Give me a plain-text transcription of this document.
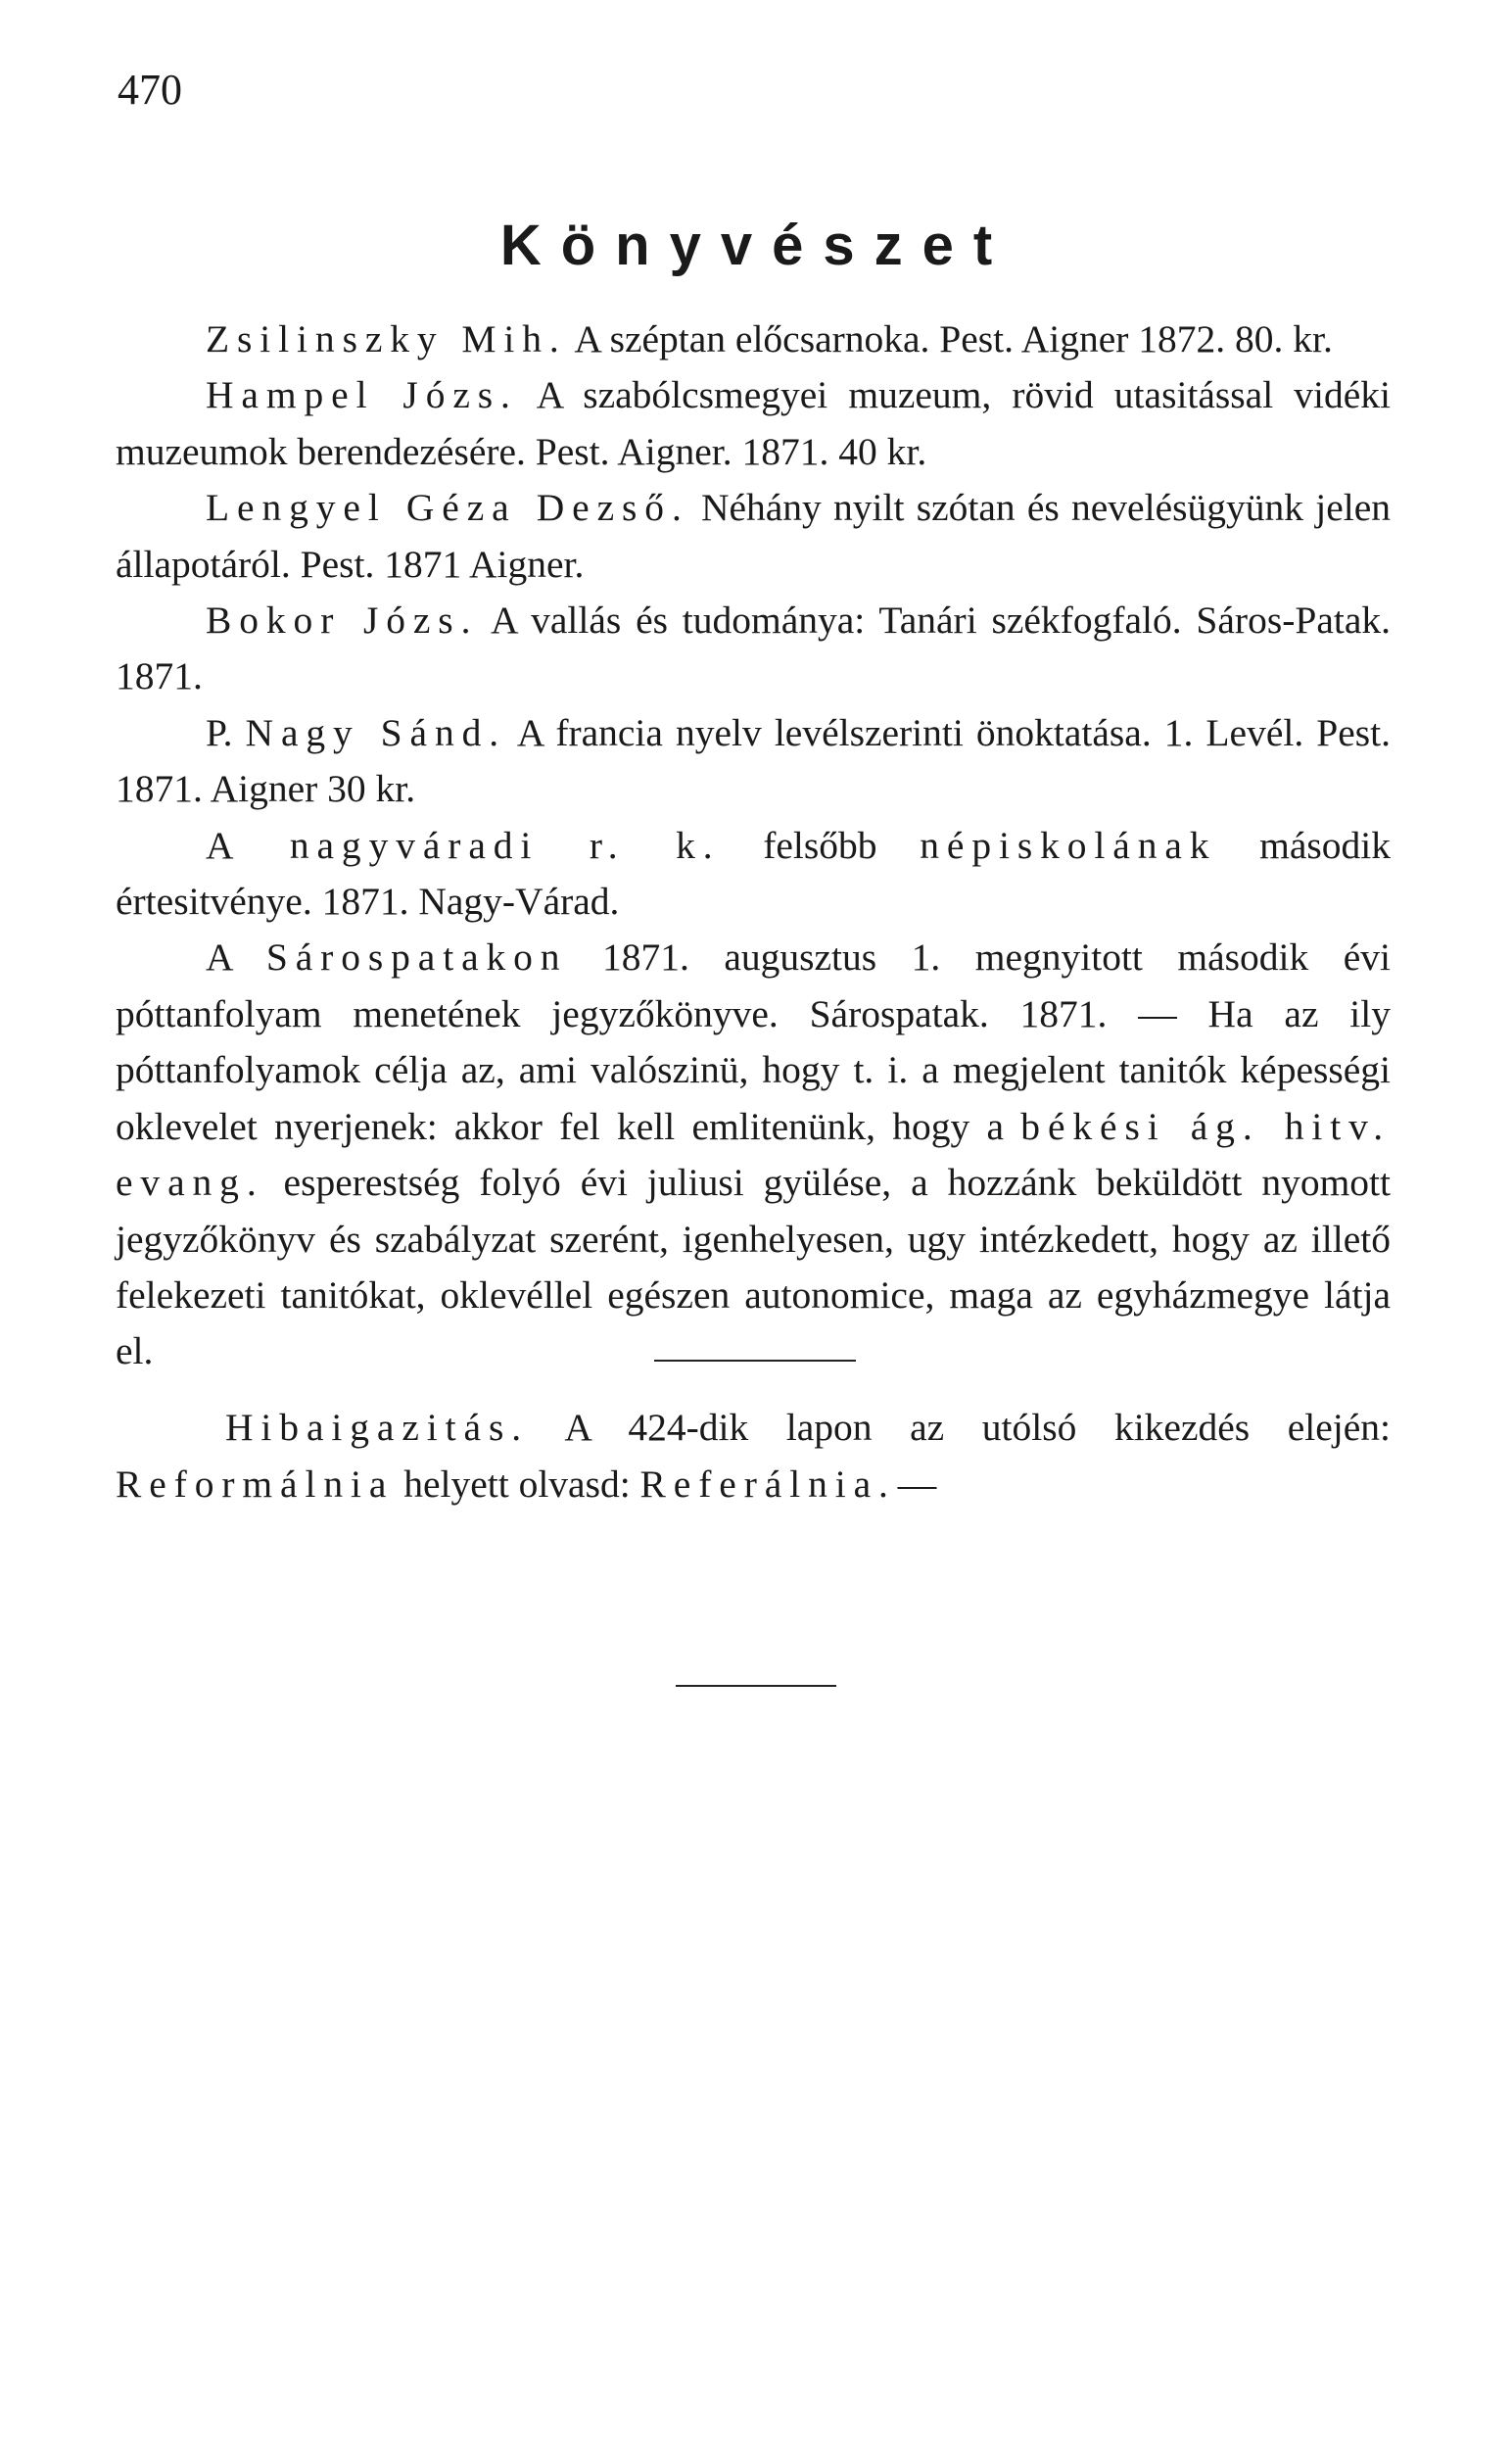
470
Könyvészet

Zsilinszky Mih. A széptan előcsarnoka. Pest. Aigner 1872. 80. kr.

Hampel Józs. A szabólcsmegyei muzeum, rövid utasitással vidéki muzeumok berendezésére. Pest. Aigner. 1871. 40 kr.

Lengyel Géza Dezső. Néhány nyilt szótan és nevelésügyünk jelen állapotáról. Pest. 1871 Aigner.

Bokor Józs. A vallás és tudománya: Tanári székfogfaló. Sáros-Patak. 1871.

P. Nagy Sánd. A francia nyelv levélszerinti önoktatása. 1. Levél. Pest. 1871. Aigner 30 kr.

A nagyváradi r. k. felsőbb népiskolának második értesitvénye. 1871. Nagy-Várad.

A Sárospatakon 1871. augusztus 1. megnyitott második évi póttanfolyam menetének jegyzőkönyve. Sárospatak. 1871. — Ha az ily póttanfolyamok célja az, ami valószinü, hogy t. i. a megjelent tanitók képességi oklevelet nyerjenek: akkor fel kell emlitenünk, hogy a békési ág. hitv. evang. esperestség folyó évi juliusi gyülése, a hozzánk beküldött nyomott jegyzőkönyv és szabályzat szerént, igenhelyesen, ugy intézkedett, hogy az illető felekezeti tanitókat, oklevéllel egészen autonomice, maga az egyházmegye látja el.

Hibaigazitás. A 424-dik lapon az utólsó kikezdés elején: Reformálnia helyett olvasd: Referálnia. —
